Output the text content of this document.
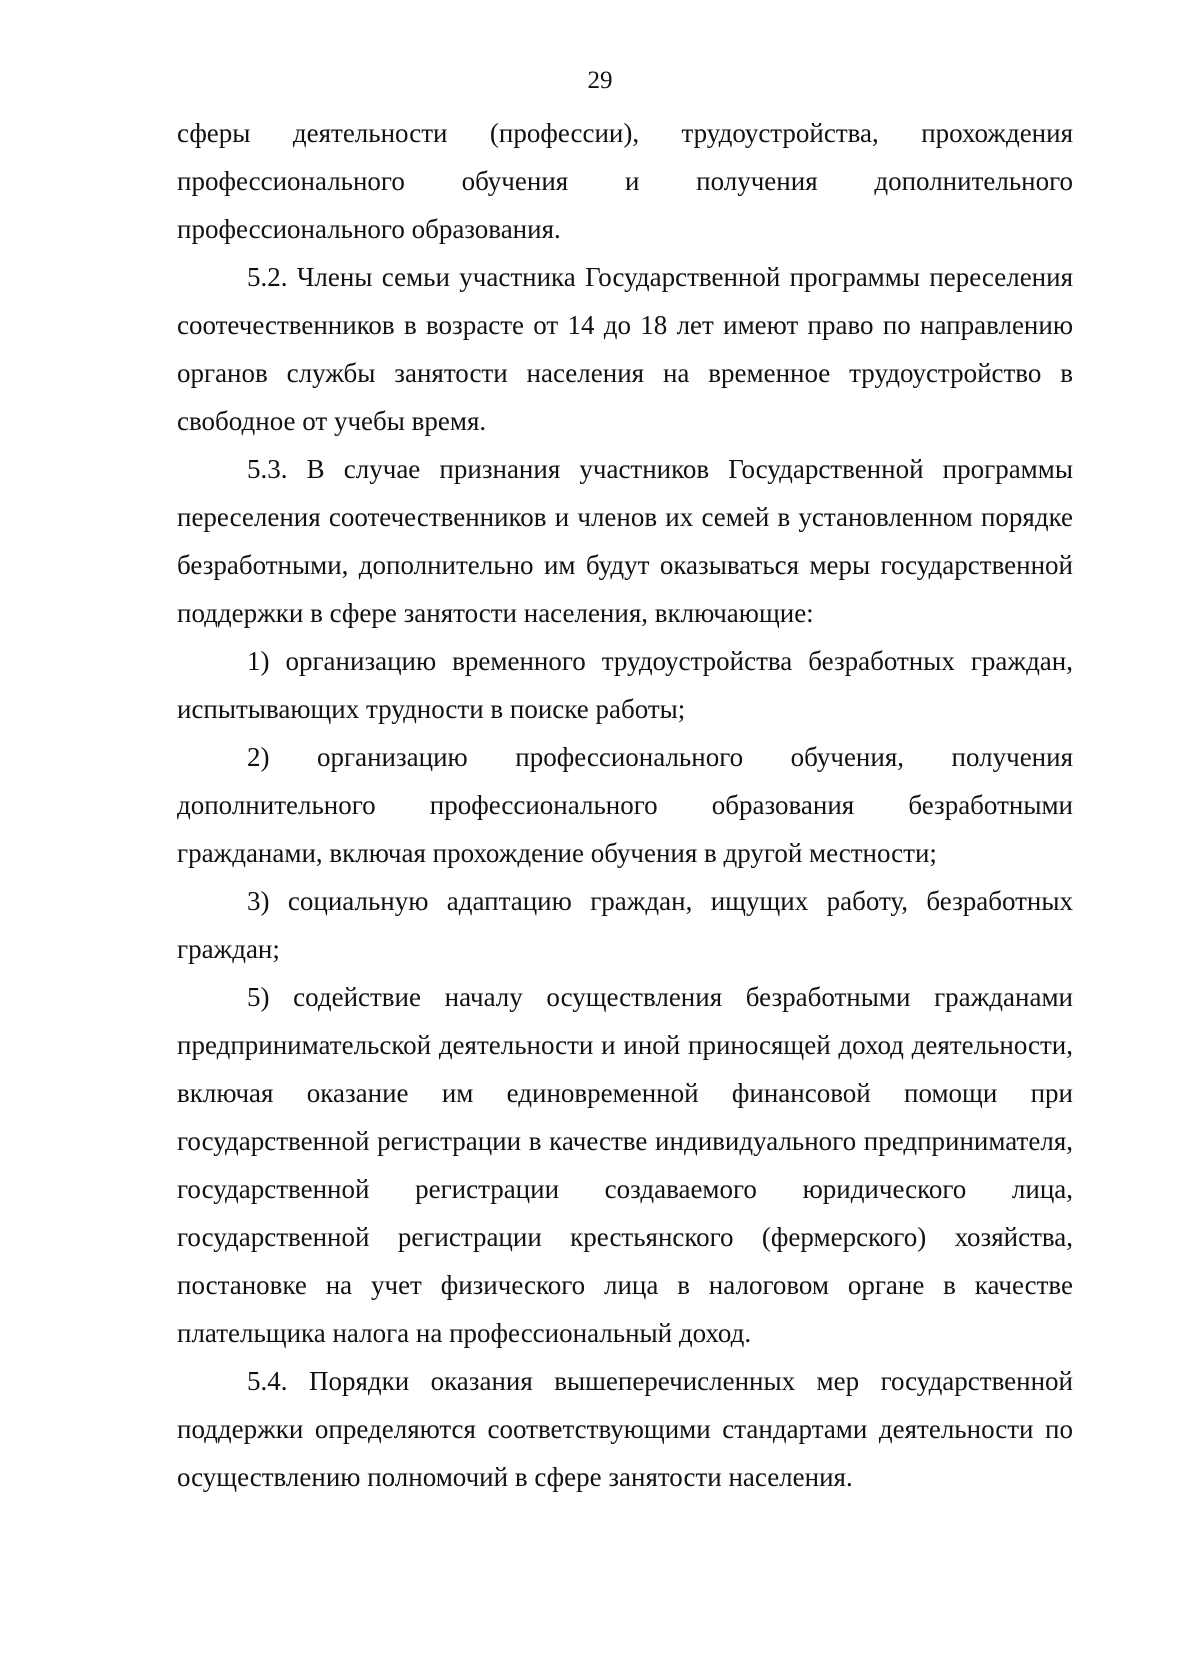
29

сферы деятельности (профессии), трудоустройства, прохождения профессионального обучения и получения дополнительного профессионального образования.

5.2. Члены семьи участника Государственной программы переселения соотечественников в возрасте от 14 до 18 лет имеют право по направлению органов службы занятости населения на временное трудоустройство в свободное от учебы время.

5.3. В случае признания участников Государственной программы переселения соотечественников и членов их семей в установленном порядке безработными, дополнительно им будут оказываться меры государственной поддержки в сфере занятости населения, включающие:

1) организацию временного трудоустройства безработных граждан, испытывающих трудности в поиске работы;

2) организацию профессионального обучения, получения дополнительного профессионального образования безработными гражданами, включая прохождение обучения в другой местности;

3) социальную адаптацию граждан, ищущих работу, безработных граждан;

5) содействие началу осуществления безработными гражданами предпринимательской деятельности и иной приносящей доход деятельности, включая оказание им единовременной финансовой помощи при государственной регистрации в качестве индивидуального предпринимателя, государственной регистрации создаваемого юридического лица, государственной регистрации крестьянского (фермерского) хозяйства, постановке на учет физического лица в налоговом органе в качестве плательщика налога на профессиональный доход.

5.4. Порядки оказания вышеперечисленных мер государственной поддержки определяются соответствующими стандартами деятельности по осуществлению полномочий в сфере занятости населения.
